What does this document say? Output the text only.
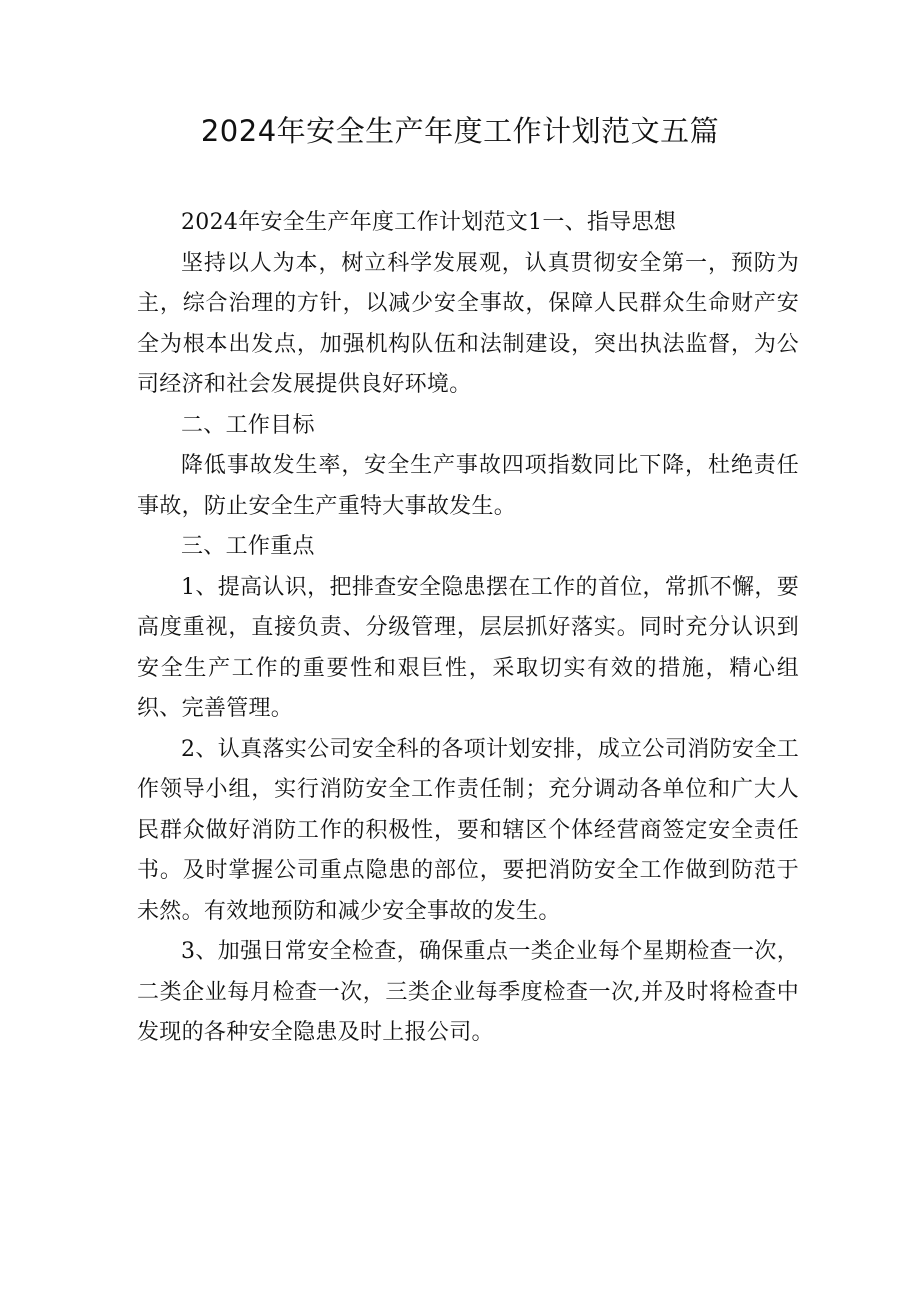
2024年安全生产年度工作计划范文五篇

2024年安全生产年度工作计划范文1一、指导思想

坚持以人为本，树立科学发展观，认真贯彻安全第一，预防为主，综合治理的方针，以减少安全事故，保障人民群众生命财产安全为根本出发点，加强机构队伍和法制建设，突出执法监督，为公司经济和社会发展提供良好环境。

二、工作目标

降低事故发生率，安全生产事故四项指数同比下降，杜绝责任事故，防止安全生产重特大事故发生。

三、工作重点

1、提高认识，把排查安全隐患摆在工作的首位，常抓不懈，要高度重视，直接负责、分级管理，层层抓好落实。同时充分认识到安全生产工作的重要性和艰巨性，采取切实有效的措施，精心组织、完善管理。

2、认真落实公司安全科的各项计划安排，成立公司消防安全工作领导小组，实行消防安全工作责任制；充分调动各单位和广大人民群众做好消防工作的积极性，要和辖区个体经营商签定安全责任书。及时掌握公司重点隐患的部位，要把消防安全工作做到防范于未然。有效地预防和减少安全事故的发生。

3、加强日常安全检查，确保重点一类企业每个星期检查一次，二类企业每月检查一次，三类企业每季度检查一次,并及时将检查中发现的各种安全隐患及时上报公司。
